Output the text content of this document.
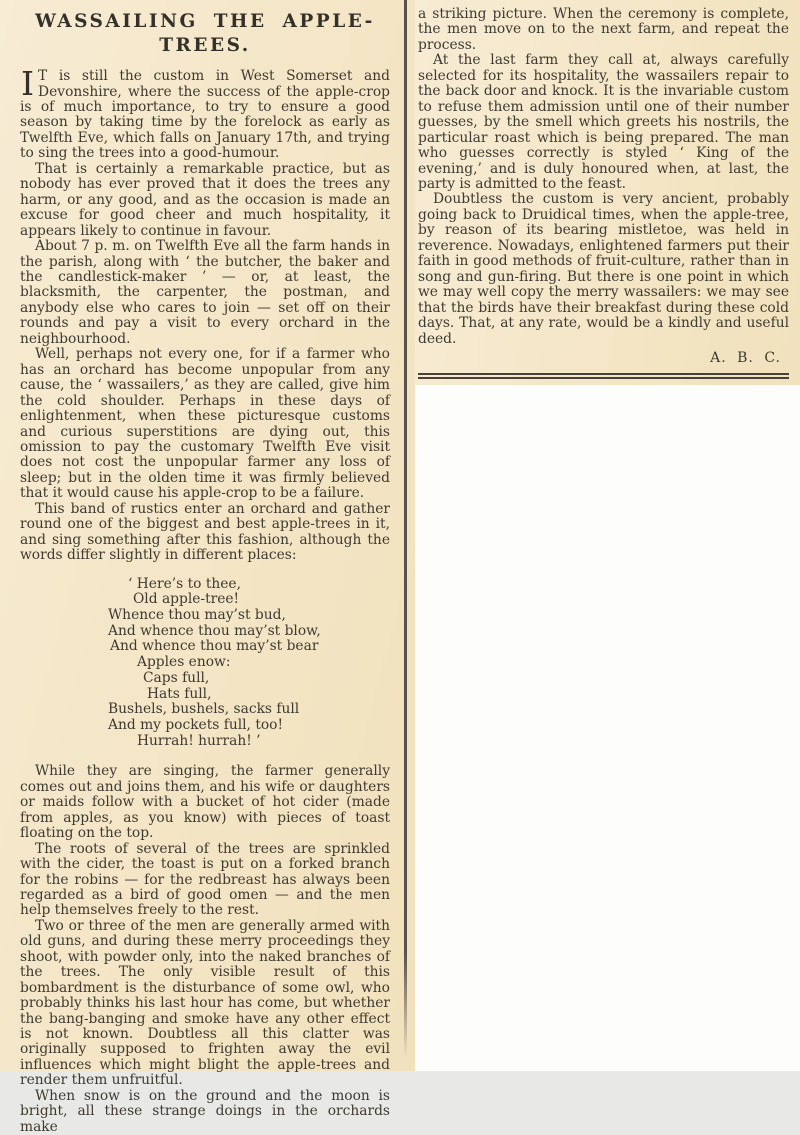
WASSAILING THE APPLE-TREES.

I T is still the custom in West Somerset and Devonshire, where the success of the apple-crop is of much importance, to try to ensure a good season by taking time by the forelock as early as Twelfth Eve, which falls on January 17th, and trying to sing the trees into a good-humour.

That is certainly a remarkable practice, but as nobody has ever proved that it does the trees any harm, or any good, and as the occasion is made an excuse for good cheer and much hospitality, it appears likely to continue in favour.

About 7 p. m. on Twelfth Eve all the farm hands in the parish, along with ‘ the butcher, the baker and the candlestick-maker ’ — or, at least, the blacksmith, the carpenter, the postman, and anybody else who cares to join — set off on their rounds and pay a visit to every orchard in the neighbourhood.

Well, perhaps not every one, for if a farmer who has an orchard has become unpopular from any cause, the ‘ wassailers,’ as they are called, give him the cold shoulder. Perhaps in these days of enlightenment, when these picturesque customs and curious superstitions are dying out, this omission to pay the customary Twelfth Eve visit does not cost the unpopular farmer any loss of sleep; but in the olden time it was firmly believed that it would cause his apple-crop to be a failure.

This band of rustics enter an orchard and gather round one of the biggest and best apple-trees in it, and sing something after this fashion, although the words differ slightly in different places:

‘ Here’s to thee,
Old apple-tree!
Whence thou may’st bud,
And whence thou may’st blow,
And whence thou may’st bear
Apples enow:
Caps full,
Hats full,
Bushels, bushels, sacks full
And my pockets full, too!
Hurrah! hurrah! ’

While they are singing, the farmer generally comes out and joins them, and his wife or daughters or maids follow with a bucket of hot cider (made from apples, as you know) with pieces of toast floating on the top.

The roots of several of the trees are sprinkled with the cider, the toast is put on a forked branch for the robins — for the redbreast has always been regarded as a bird of good omen — and the men help themselves freely to the rest.

Two or three of the men are generally armed with old guns, and during these merry proceedings they shoot, with powder only, into the naked branches of the trees. The only visible result of this bombardment is the disturbance of some owl, who probably thinks his last hour has come, but whether the bang-banging and smoke have any other effect is not known. Doubtless all this clatter was originally supposed to frighten away the evil influences which might blight the apple-trees and render them unfruitful.

When snow is on the ground and the moon is bright, all these strange doings in the orchards make

a striking picture. When the ceremony is complete, the men move on to the next farm, and repeat the process.

At the last farm they call at, always carefully selected for its hospitality, the wassailers repair to the back door and knock. It is the invariable custom to refuse them admission until one of their number guesses, by the smell which greets his nostrils, the particular roast which is being prepared. The man who guesses correctly is styled ‘ King of the evening,’ and is duly honoured when, at last, the party is admitted to the feast.

Doubtless the custom is very ancient, probably going back to Druidical times, when the apple-tree, by reason of its bearing mistletoe, was held in reverence. Nowadays, enlightened farmers put their faith in good methods of fruit-culture, rather than in song and gun-firing. But there is one point in which we may well copy the merry wassailers: we may see that the birds have their breakfast during these cold days. That, at any rate, would be a kindly and useful deed.

A. B. C.
